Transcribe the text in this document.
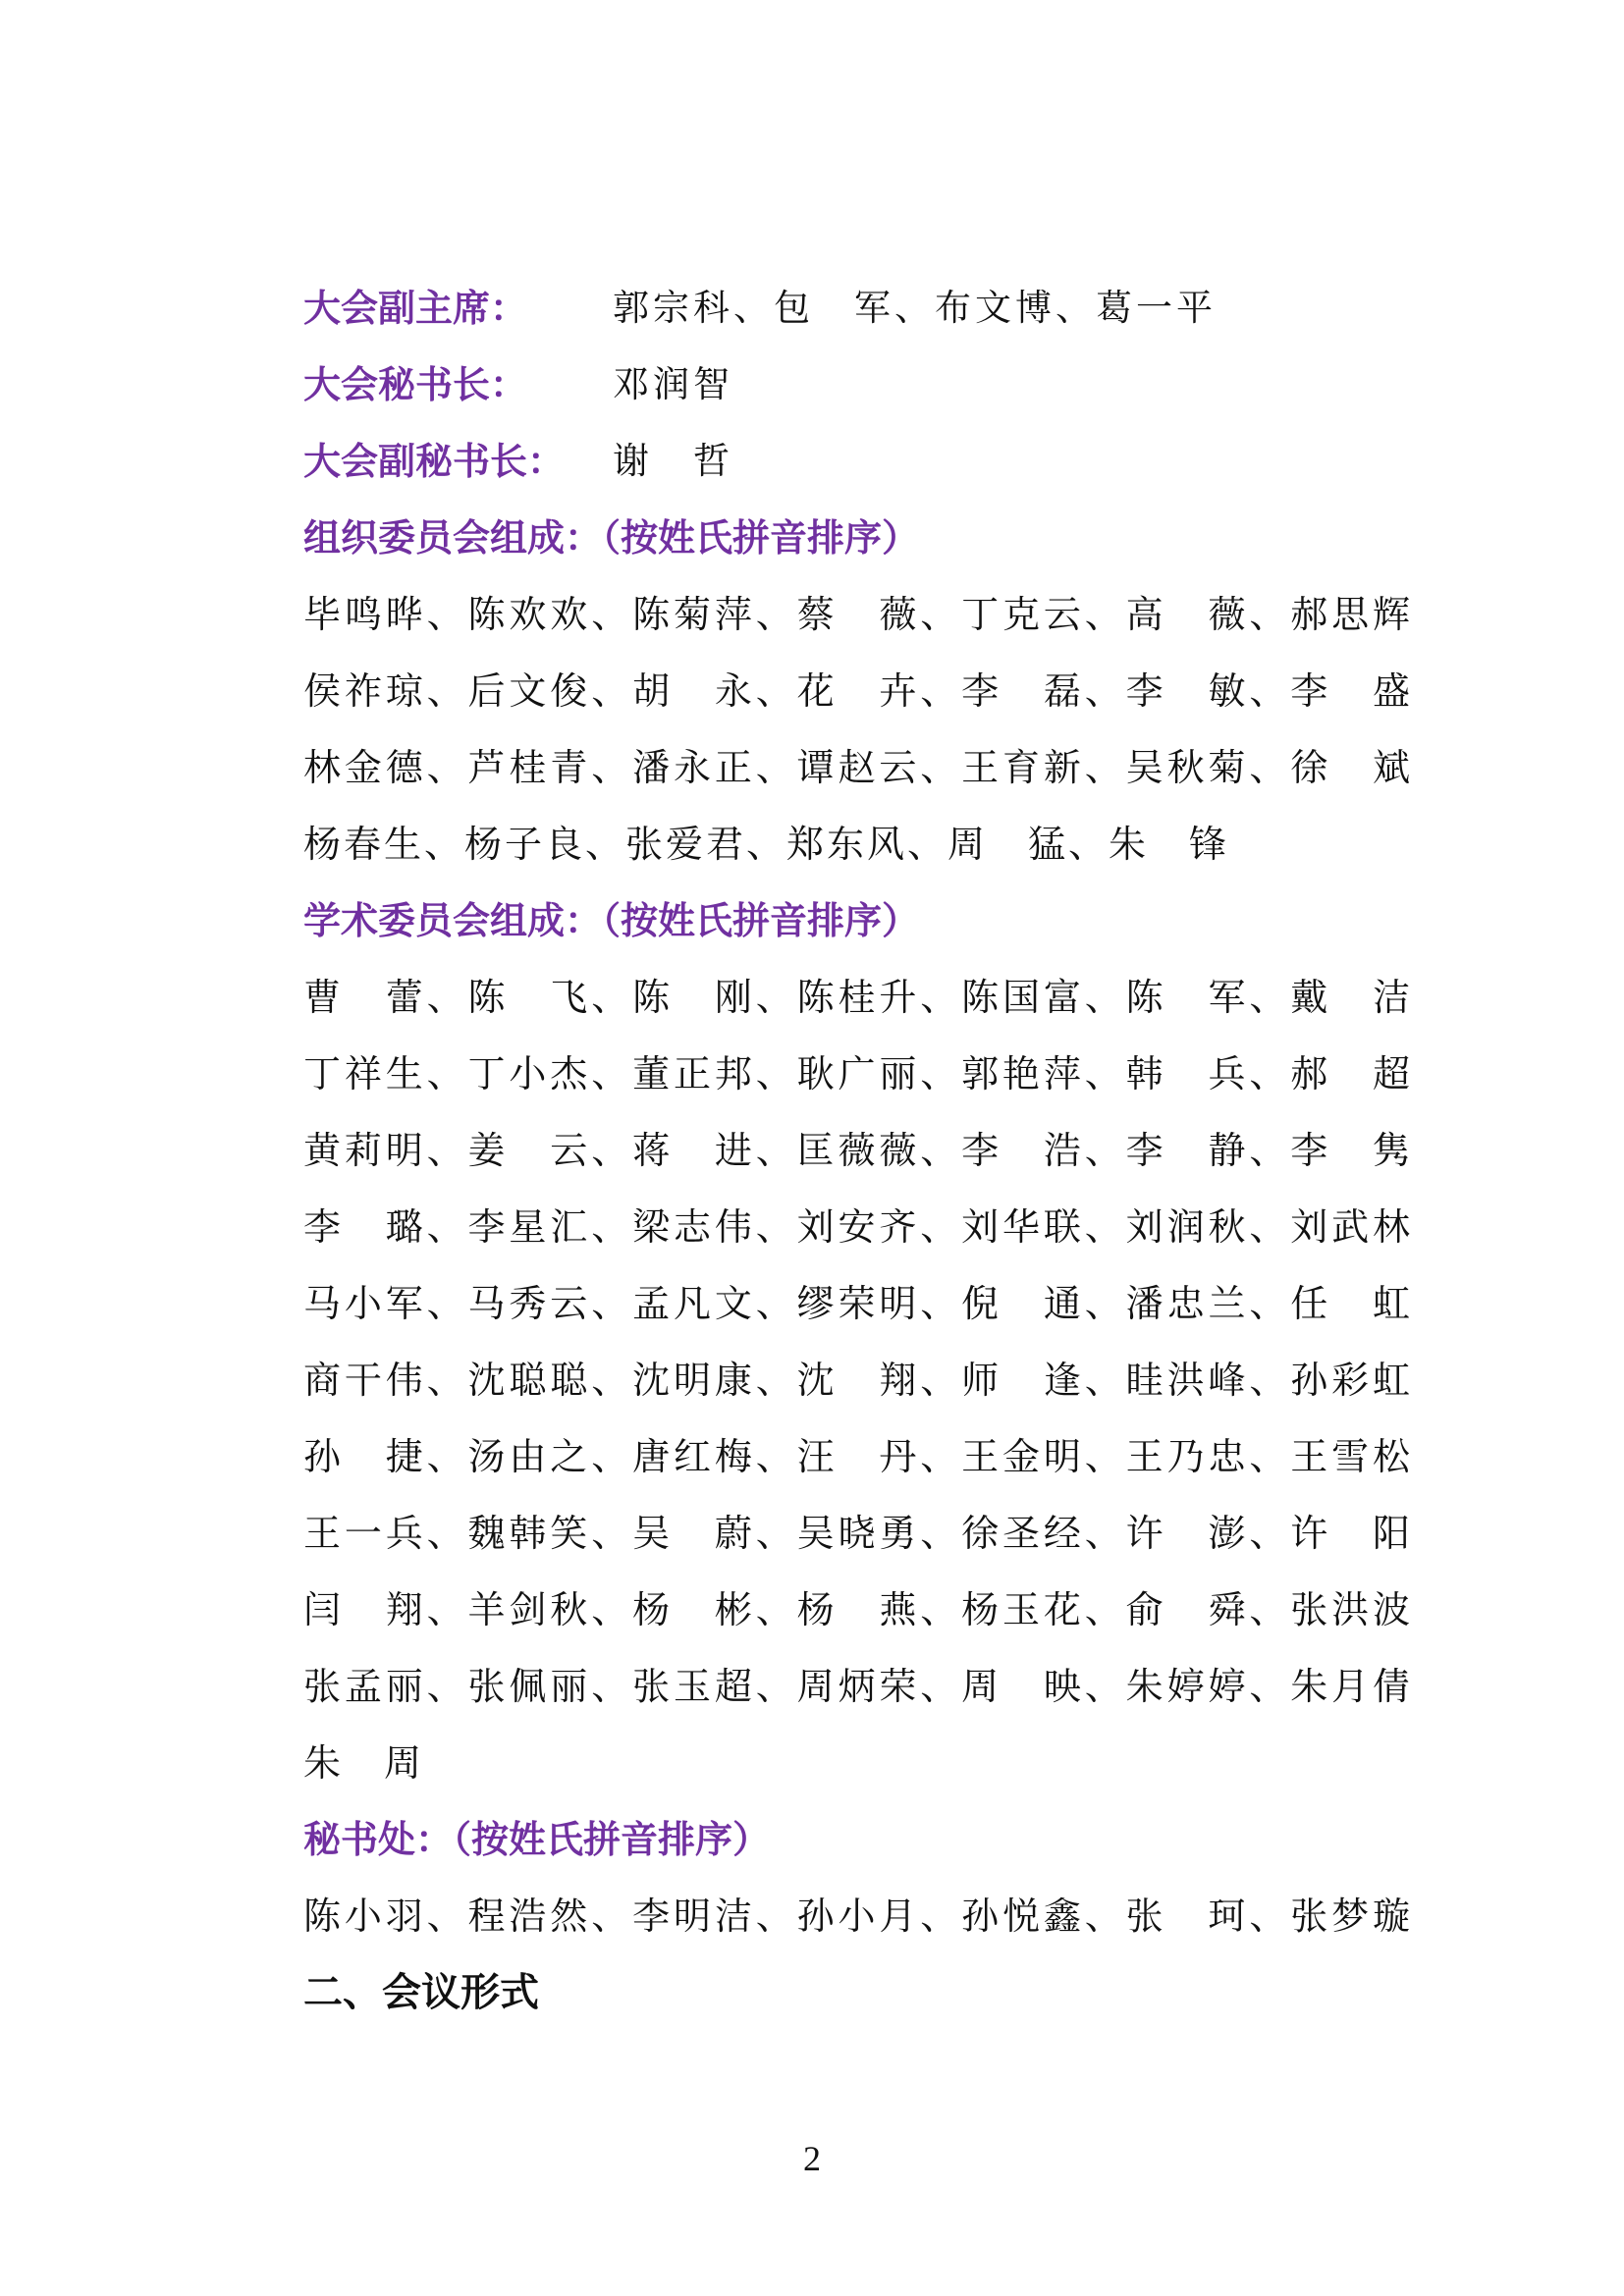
大会副主席：	郭宗科、包　军、布文博、葛一平
大会秘书长：	邓润智
大会副秘书长：	谢　哲
组织委员会组成：（按姓氏拼音排序）
毕鸣晔、陈欢欢、陈菊萍、蔡　薇、丁克云、高　薇、郝思辉
侯祚琼、后文俊、胡　永、花　卉、李　磊、李　敏、李　盛
林金德、芦桂青、潘永正、谭赵云、王育新、吴秋菊、徐　斌
杨春生、杨子良、张爱君、郑东风、周　猛、朱　锋
学术委员会组成：（按姓氏拼音排序）
曹　蕾、陈　飞、陈　刚、陈桂升、陈国富、陈　军、戴　洁
丁祥生、丁小杰、董正邦、耿广丽、郭艳萍、韩　兵、郝　超
黄莉明、姜　云、蒋　进、匡薇薇、李　浩、李　静、李　隽
李　璐、李星汇、梁志伟、刘安齐、刘华联、刘润秋、刘武林
马小军、马秀云、孟凡文、缪荣明、倪　通、潘忠兰、任　虹
商干伟、沈聪聪、沈明康、沈　翔、师　逢、眭洪峰、孙彩虹
孙　捷、汤由之、唐红梅、汪　丹、王金明、王乃忠、王雪松
王一兵、魏韩笑、吴　蔚、吴晓勇、徐圣经、许　澎、许　阳
闫　翔、羊剑秋、杨　彬、杨　燕、杨玉花、俞　舜、张洪波
张孟丽、张佩丽、张玉超、周炳荣、周　映、朱婷婷、朱月倩
朱　周
秘书处：（按姓氏拼音排序）
陈小羽、程浩然、李明洁、孙小月、孙悦鑫、张　珂、张梦璇
二、会议形式
2
